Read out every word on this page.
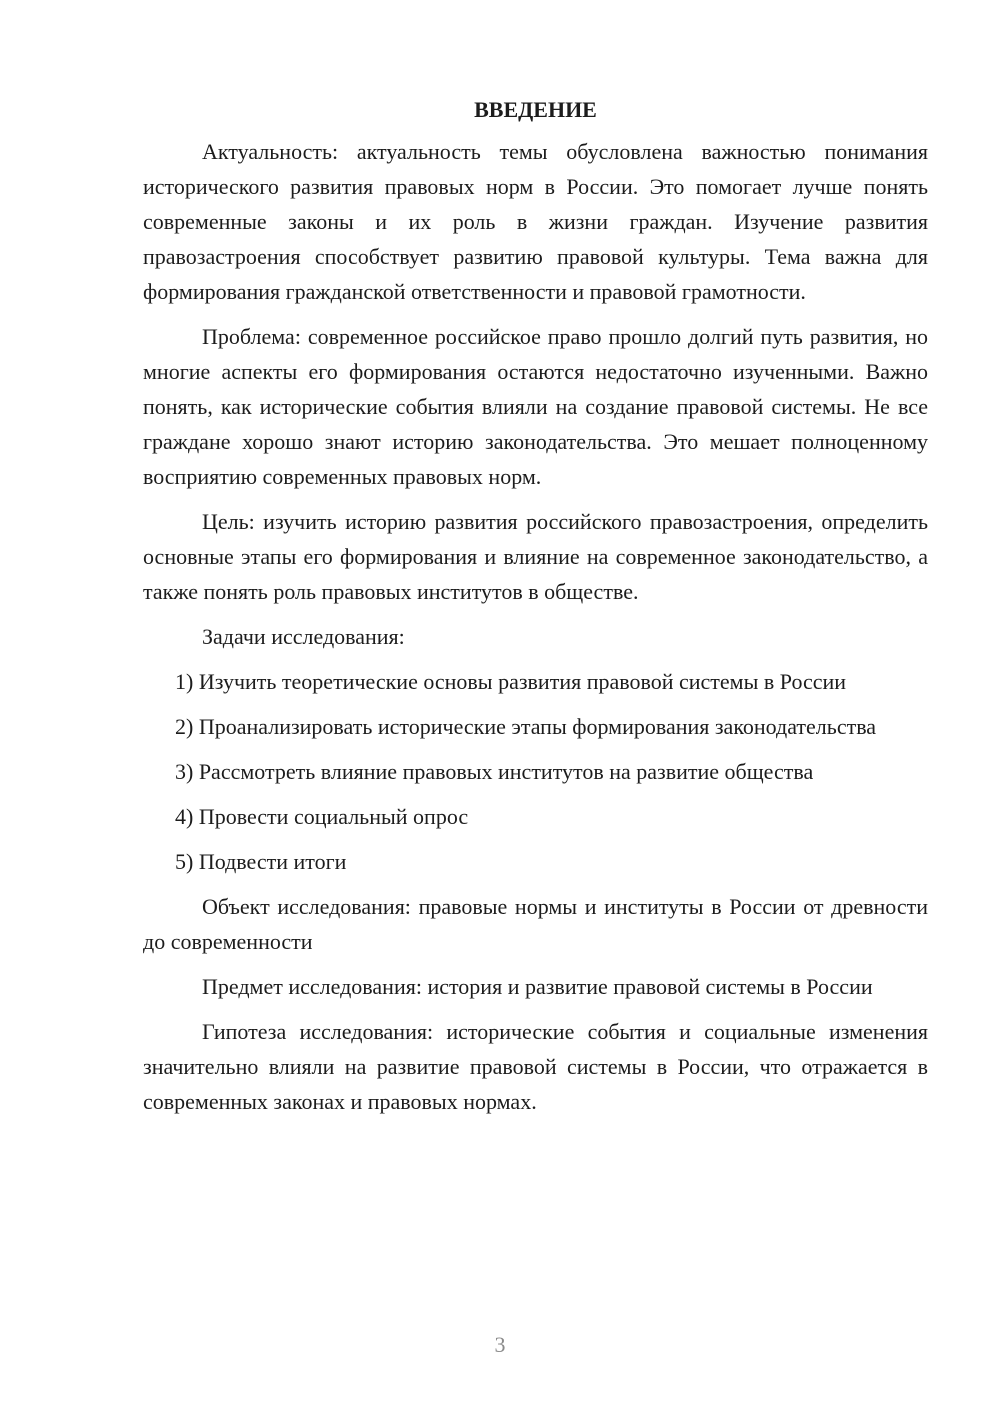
ВВЕДЕНИЕ

Актуальность: актуальность темы обусловлена важностью понимания исторического развития правовых норм в России. Это помогает лучше понять современные законы и их роль в жизни граждан. Изучение развития правозастроения способствует развитию правовой культуры. Тема важна для формирования гражданской ответственности и правовой грамотности.

Проблема: современное российское право прошло долгий путь развития, но многие аспекты его формирования остаются недостаточно изученными. Важно понять, как исторические события влияли на создание правовой системы. Не все граждане хорошо знают историю законодательства. Это мешает полноценному восприятию современных правовых норм.

Цель: изучить историю развития российского правозастроения, определить основные этапы его формирования и влияние на современное законодательство, а также понять роль правовых институтов в обществе.

Задачи исследования:

1) Изучить теоретические основы развития правовой системы в России

2) Проанализировать исторические этапы формирования законодательства

3) Рассмотреть влияние правовых институтов на развитие общества

4) Провести социальный опрос

5) Подвести итоги

Объект исследования: правовые нормы и институты в России от древности до современности

Предмет исследования: история и развитие правовой системы в России

Гипотеза исследования: исторические события и социальные изменения значительно влияли на развитие правовой системы в России, что отражается в современных законах и правовых нормах.

3
